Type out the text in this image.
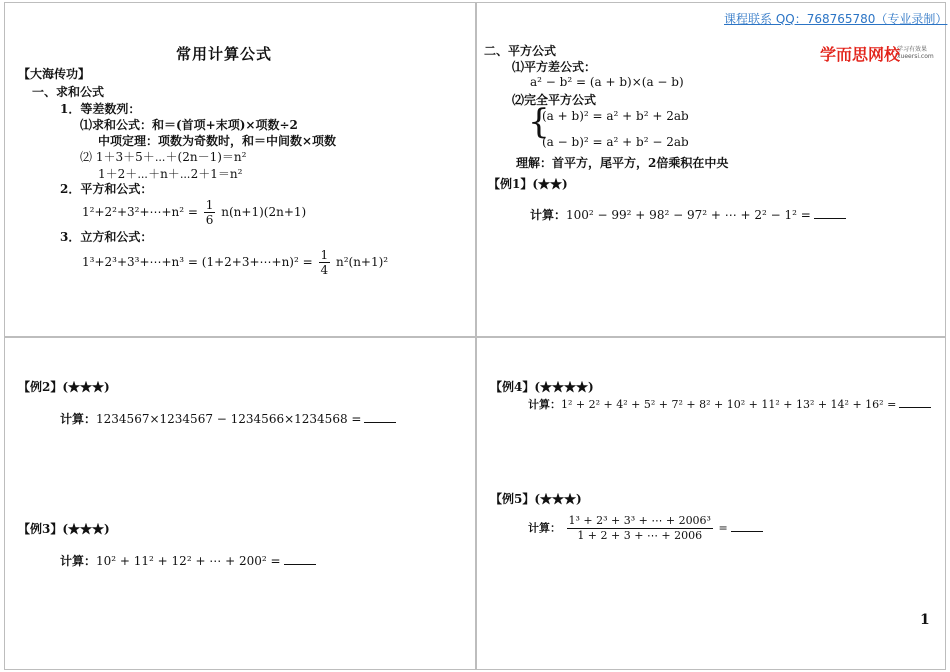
课程联系 QQ：768765780（专业录制）
学而思网校
学习有效果
xueersi.com
常用计算公式
【大海传功】
一、求和公式
1．等差数列：
⑴求和公式：和＝(首项+末项)×项数÷2
中项定理：项数为奇数时，和＝中间数×项数
⑵ 1＋3＋5＋⋯＋(2n－1)＝n²
1＋2＋⋯＋n＋⋯2＋1＝n²
2．平方和公式：
1²+2²+3²+⋯+n² = $\frac{1}{6} n(n+1)(2n+1)$
3．立方和公式：
1³+2³+3³+⋯+n³ = (1+2+3+⋯+n)² = $\frac{1}{4} n^2(n+1)^2$
二、平方公式
⑴平方差公式：
a² − b² = (a + b)×(a − b)
⑵完全平方公式
{
(a + b)² = a² + b² + 2ab
(a − b)² = a² + b² − 2ab
理解：首平方，尾平方，2倍乘积在中央
【例1】(★★)
计算：100² − 99² + 98² − 97² + ⋯ + 2² − 1² =
【例2】(★★★)
计算：1234567×1234567 − 1234566×1234568 =
【例3】(★★★)
计算：10² + 11² + 12² + ⋯ + 200² =
【例4】(★★★★)
计算：1² + 2² + 4² + 5² + 7² + 8² + 10² + 11² + 13² + 14² + 16² =
【例5】(★★★)
计算： $\frac{\text{1³ + 2³ + 3³ + ⋯ + 2006³}}{1 + 2 + 3 + \cdots + 2006}$ =
1
